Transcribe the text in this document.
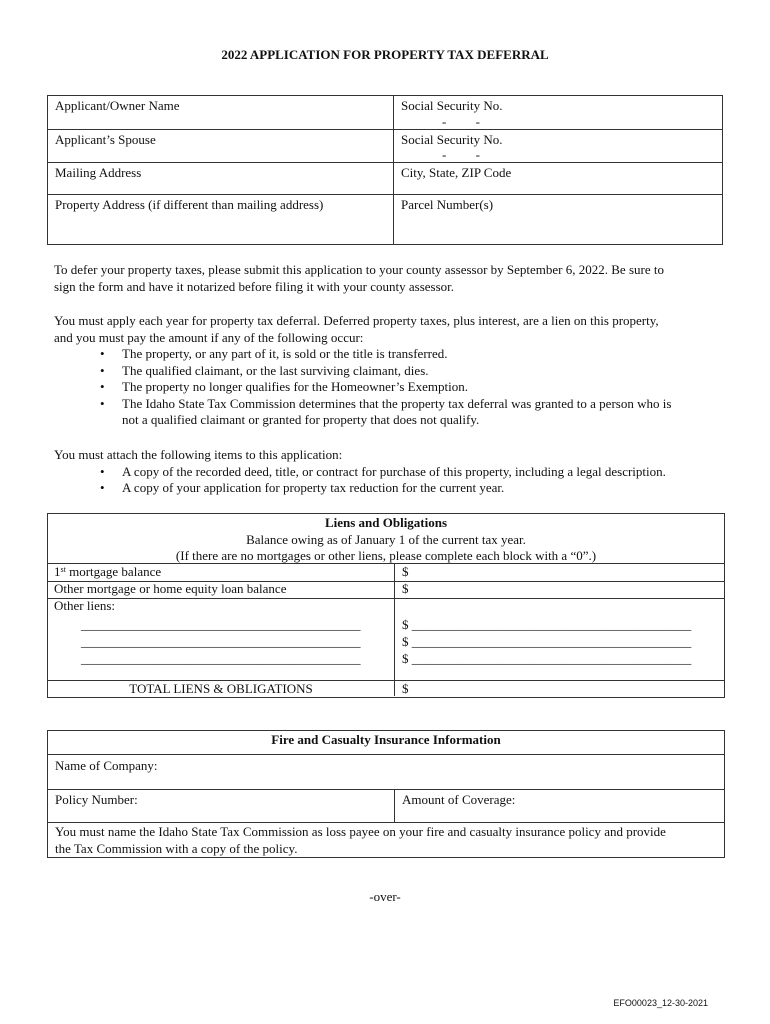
2022 APPLICATION FOR PROPERTY TAX DEFERRAL
Applicant/Owner Name	Social Security No.
-         -

Applicant’s Spouse	Social Security No.
-         -

Mailing Address	City, State, ZIP Code
Property Address (if different than mailing address)	Parcel Number(s)
To defer your property taxes, please submit this application to your county assessor by September 6, 2022. Be sure to
sign the form and have it notarized before filing it with your county assessor.
You must apply each year for property tax deferral. Deferred property taxes, plus interest, are a lien on this property,
and you must pay the amount if any of the following occur:
• The property, or any part of it, is sold or the title is transferred.
• The qualified claimant, or the last surviving claimant, dies.
• The property no longer qualifies for the Homeowner’s Exemption.
• The Idaho State Tax Commission determines that the property tax deferral was granted to a person who is
not a qualified claimant or granted for property that does not qualify.
You must attach the following items to this application:
• A copy of the recorded deed, title, or contract for purchase of this property, including a legal description.
• A copy of your application for property tax reduction for the current year.
Liens and Obligations
Balance owing as of January 1 of the current tax year.
(If there are no mortgages or other liens, please complete each block with a “0”.)
1st mortgage balance	$
Other mortgage or home equity loan balance	$
Other liens:
___________________________________________
___________________________________________
___________________________________________
$ ___________________________________________
$ ___________________________________________
$ ___________________________________________
TOTAL LIENS & OBLIGATIONS	$
Fire and Casualty Insurance Information
Name of Company:
Policy Number:	Amount of Coverage:
You must name the Idaho State Tax Commission as loss payee on your fire and casualty insurance policy and provide
the Tax Commission with a copy of the policy.
-over-
EFO00023_12-30-2021
